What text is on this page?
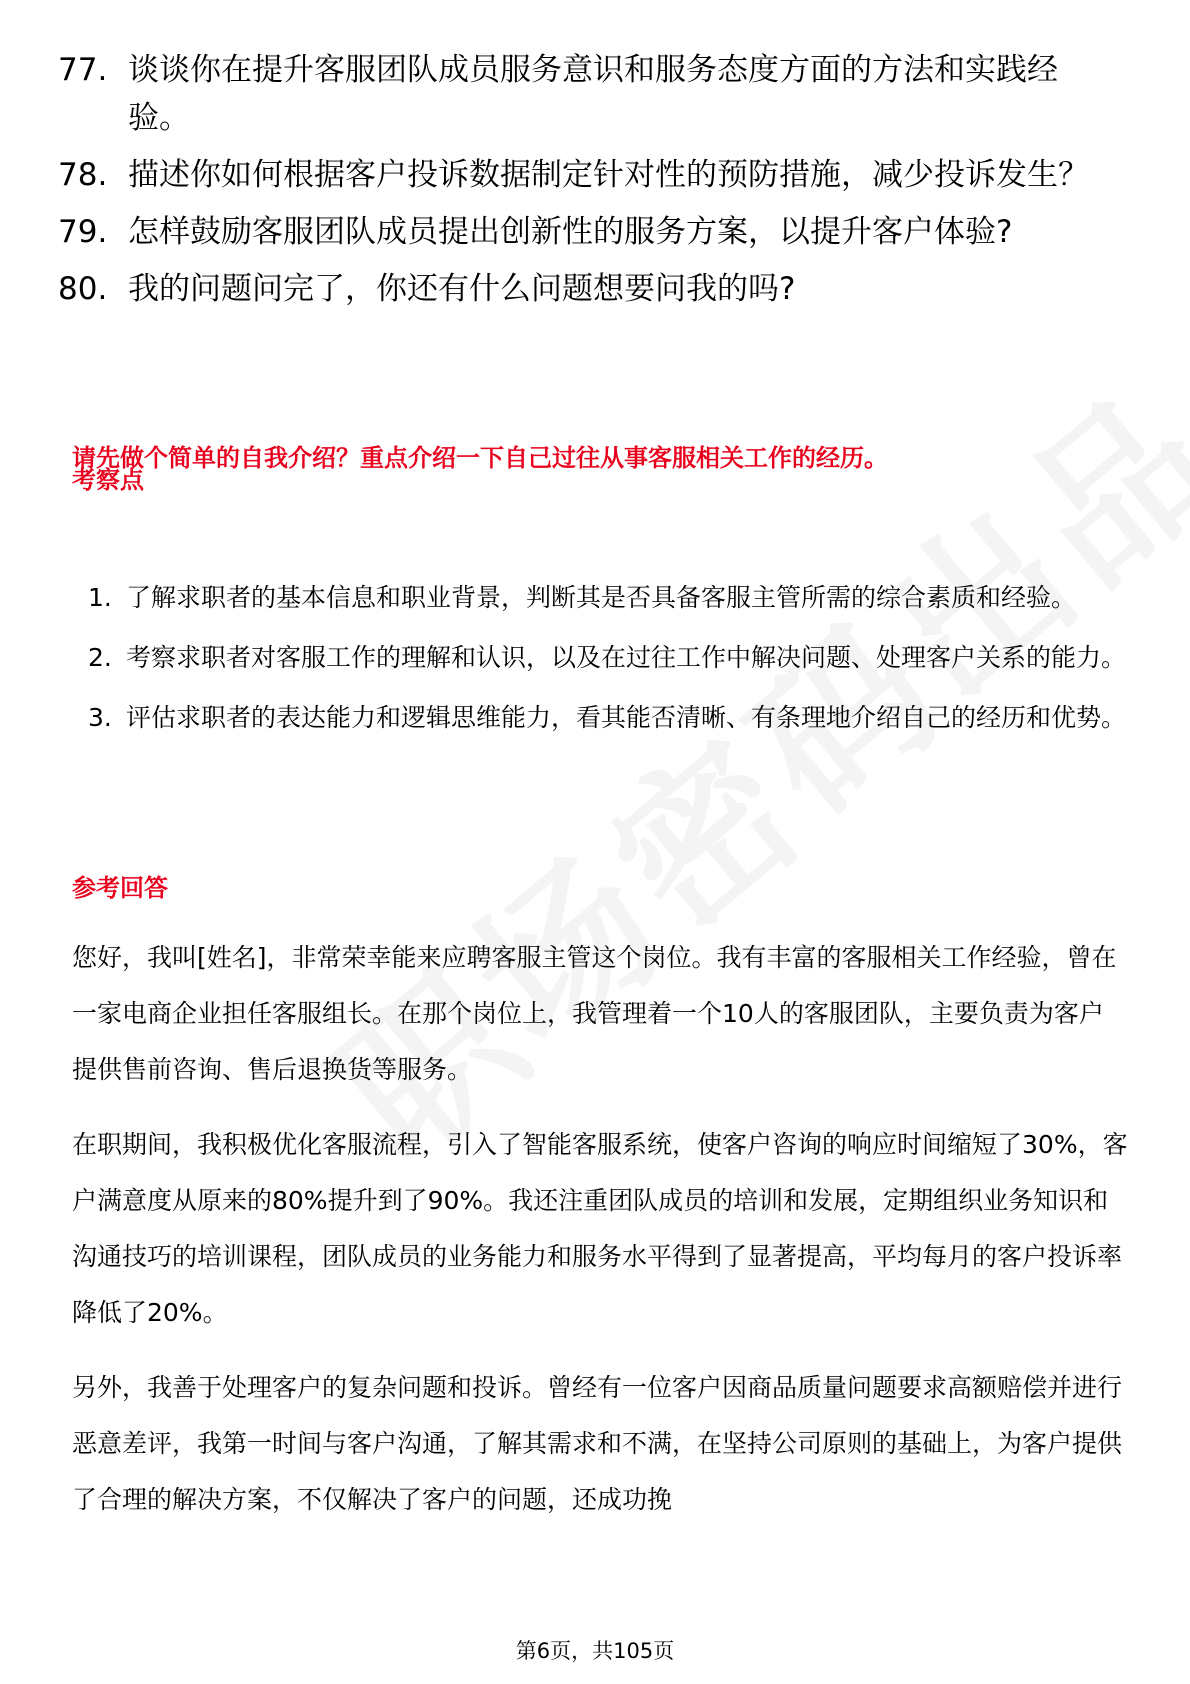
77. 谈谈你在提升客服团队成员服务意识和服务态度方面的方法和实践经验。
78. 描述你如何根据客户投诉数据制定针对性的预防措施，减少投诉发生？
79. 怎样鼓励客服团队成员提出创新性的服务方案，以提升客户体验?
80. 我的问题问完了，你还有什么问题想要问我的吗?

请先做个简单的自我介绍？重点介绍一下自己过往从事客服相关工作的经历。

考察点
1. 了解求职者的基本信息和职业背景，判断其是否具备客服主管所需的综合素质和经验。
2. 考察求职者对客服工作的理解和认识，以及在过往工作中解决问题、处理客户关系的能力。
3. 评估求职者的表达能力和逻辑思维能力，看其能否清晰、有条理地介绍自己的经历和优势。
参考回答

您好，我叫[姓名]，非常荣幸能来应聘客服主管这个岗位。我有丰富的客服相关工作经验，曾在一家电商企业担任客服组长。在那个岗位上，我管理着一个10人的客服团队，主要负责为客户提供售前咨询、售后退换货等服务。

在职期间，我积极优化客服流程，引入了智能客服系统，使客户咨询的响应时间缩短了30%，客户满意度从原来的80%提升到了90%。我还注重团队成员的培训和发展，定期组织业务知识和沟通技巧的培训课程，团队成员的业务能力和服务水平得到了显著提高，平均每月的客户投诉率降低了20%。

另外，我善于处理客户的复杂问题和投诉。曾经有一位客户因商品质量问题要求高额赔偿并进行恶意差评，我第一时间与客户沟通，了解其需求和不满，在坚持公司原则的基础上，为客户提供了合理的解决方案，不仅解决了客户的问题，还成功挽

第6页，共105页
